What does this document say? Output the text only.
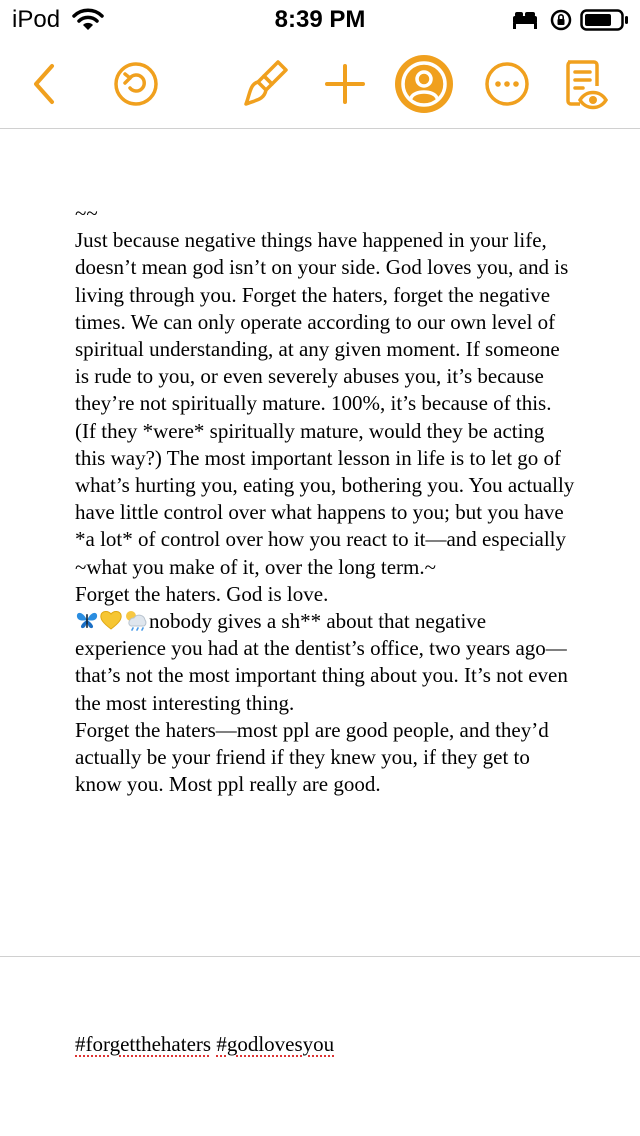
iPod	8:39 PM

~~

Just because negative things have happened in your life, doesn’t mean god isn’t on your side. God loves you, and is living through you. Forget the haters, forget the negative times. We can only operate according to our own level of spiritual understanding, at any given moment. If someone is rude to you, or even severely abuses you, it’s because they’re not spiritually mature. 100%, it’s because of this. (If they *were* spiritually mature, would they be acting this way?) The most important lesson in life is to let go of what’s hurting you, eating you, bothering you. You actually have little control over what happens to you; but you have *a lot* of control over how you react to it—and especially ~what you make of it, over the long term.~

Forget the haters. God is love.

nobody gives a sh** about that negative experience you had at the dentist’s office, two years ago—that’s not the most important thing about you. It’s not even the most interesting thing.

Forget the haters—most ppl are good people, and they’d actually be your friend if they knew you, if they get to know you. Most ppl really are good.

#forgetthehaters #godlovesyou
